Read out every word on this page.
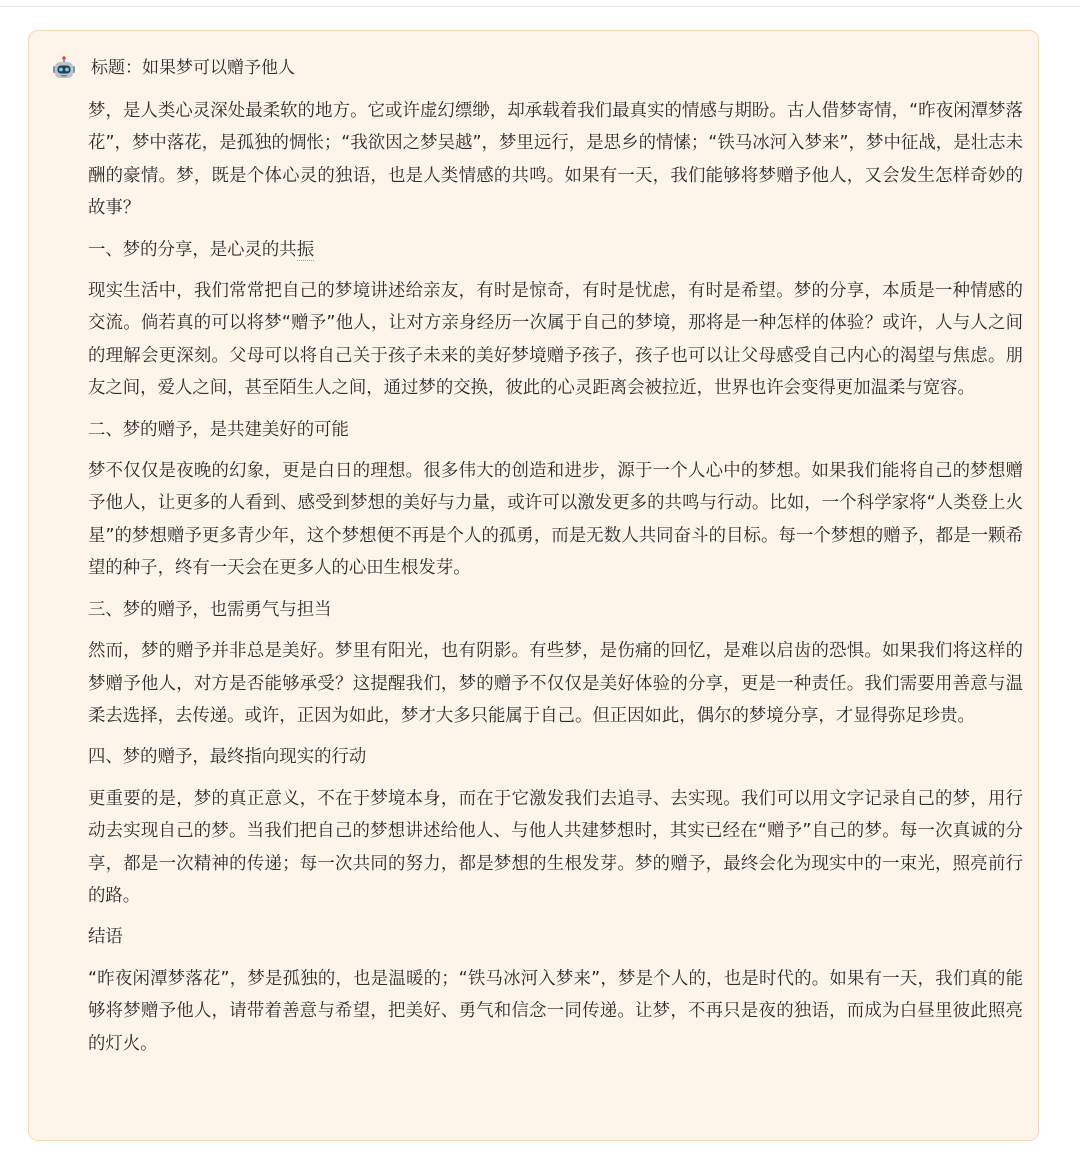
标题：如果梦可以赠予他人

梦，是人类心灵深处最柔软的地方。它或许虚幻缥缈，却承载着我们最真实的情感与期盼。古人借梦寄情，“昨夜闲潭梦落花”，梦中落花，是孤独的惆怅；“我欲因之梦吴越”，梦里远行，是思乡的情愫；“铁马冰河入梦来”，梦中征战，是壮志未酬的豪情。梦，既是个体心灵的独语，也是人类情感的共鸣。如果有一天，我们能够将梦赠予他人，又会发生怎样奇妙的故事？

一、梦的分享，是心灵的共振

现实生活中，我们常常把自己的梦境讲述给亲友，有时是惊奇，有时是忧虑，有时是希望。梦的分享，本质是一种情感的交流。倘若真的可以将梦“赠予”他人，让对方亲身经历一次属于自己的梦境，那将是一种怎样的体验？或许，人与人之间的理解会更深刻。父母可以将自己关于孩子未来的美好梦境赠予孩子，孩子也可以让父母感受自己内心的渴望与焦虑。朋友之间，爱人之间，甚至陌生人之间，通过梦的交换，彼此的心灵距离会被拉近，世界也许会变得更加温柔与宽容。

二、梦的赠予，是共建美好的可能

梦不仅仅是夜晚的幻象，更是白日的理想。很多伟大的创造和进步，源于一个人心中的梦想。如果我们能将自己的梦想赠予他人，让更多的人看到、感受到梦想的美好与力量，或许可以激发更多的共鸣与行动。比如，一个科学家将“人类登上火星”的梦想赠予更多青少年，这个梦想便不再是个人的孤勇，而是无数人共同奋斗的目标。每一个梦想的赠予，都是一颗希望的种子，终有一天会在更多人的心田生根发芽。

三、梦的赠予，也需勇气与担当

然而，梦的赠予并非总是美好。梦里有阳光，也有阴影。有些梦，是伤痛的回忆，是难以启齿的恐惧。如果我们将这样的梦赠予他人，对方是否能够承受？这提醒我们，梦的赠予不仅仅是美好体验的分享，更是一种责任。我们需要用善意与温柔去选择，去传递。或许，正因为如此，梦才大多只能属于自己。但正因如此，偶尔的梦境分享，才显得弥足珍贵。

四、梦的赠予，最终指向现实的行动

更重要的是，梦的真正意义，不在于梦境本身，而在于它激发我们去追寻、去实现。我们可以用文字记录自己的梦，用行动去实现自己的梦。当我们把自己的梦想讲述给他人、与他人共建梦想时，其实已经在“赠予”自己的梦。每一次真诚的分享，都是一次精神的传递；每一次共同的努力，都是梦想的生根发芽。梦的赠予，最终会化为现实中的一束光，照亮前行的路。

结语

“昨夜闲潭梦落花”，梦是孤独的，也是温暖的；“铁马冰河入梦来”，梦是个人的，也是时代的。如果有一天，我们真的能够将梦赠予他人，请带着善意与希望，把美好、勇气和信念一同传递。让梦，不再只是夜的独语，而成为白昼里彼此照亮的灯火。
